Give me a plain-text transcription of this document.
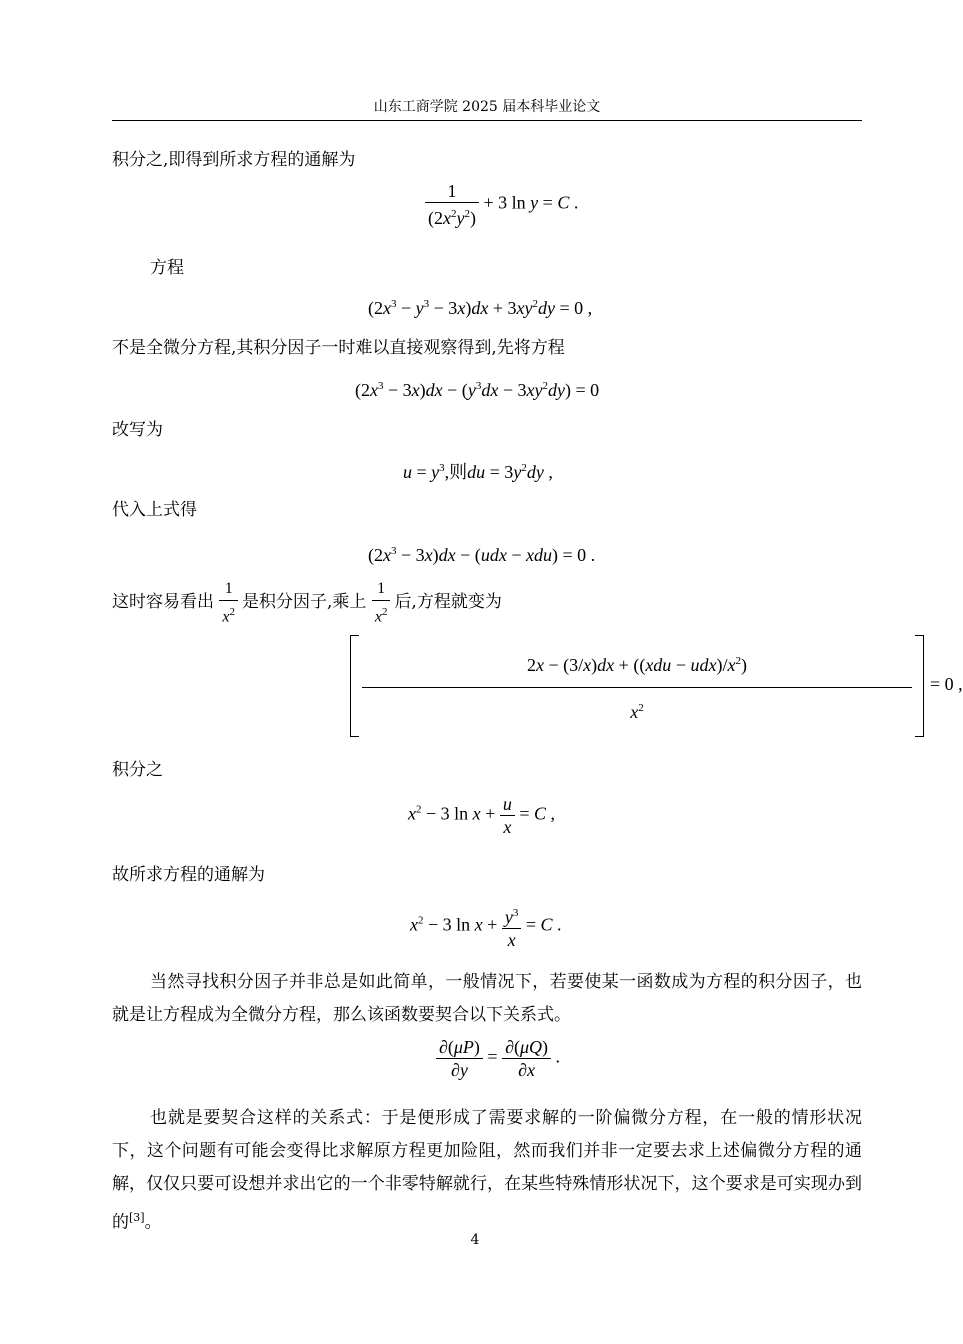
山东工商学院 2025 届本科毕业论文
积分之,即得到所求方程的通解为
$\frac{1}{(2x^2y^2)} + 3$ ln y = C .
方程
$(2x^3 - y^3 - 3x)dx + 3xy^2dy = 0$ ,
不是全微分方程,其积分因子一时难以直接观察得到,先将方程
$(2x^3 - 3x)dx - (y^3dx - 3xy^2dy) = 0$
改写为
$u = y^3$,则du = $3y^2dy$ ,
代入上式得
$(2x^3 - 3x)dx - (udx - xdu) = 0$ .
这时容易看出 $\frac{1}{x^2}$ 是积分因子,乘上 $\frac{1}{x^2}$ 后,方程就变为
$\frac{2x - (3/x)dx + ((xdu - udx)/x^2)}{x^2} = 0$ ,
积分之
$x^2 - 3$ $\ln x + \frac{u}{x} = C$ ,
故所求方程的通解为
$x^2 - 3$ $\ln x + \frac{y^3}{x} = C$ .
当然寻找积分因子并非总是如此简单，一般情况下，若要使某一函数成为方程的积分因子，也就是让方程成为全微分方程，那么该函数要契合以下关系式。
$\frac{\partial(\mu P)}{\partial y} = \frac{\partial(\mu Q)}{\partial x}$ .
也就是要契合这样的关系式：于是便形成了需要求解的一阶偏微分方程，在一般的情形状况下，这个问题有可能会变得比求解原方程更加险阻，然而我们并非一定要去求上述偏微分方程的通解，仅仅只要可设想并求出它的一个非零特解就行，在某些特殊情形状况下，这个要求是可实现办到的[3]。
4
